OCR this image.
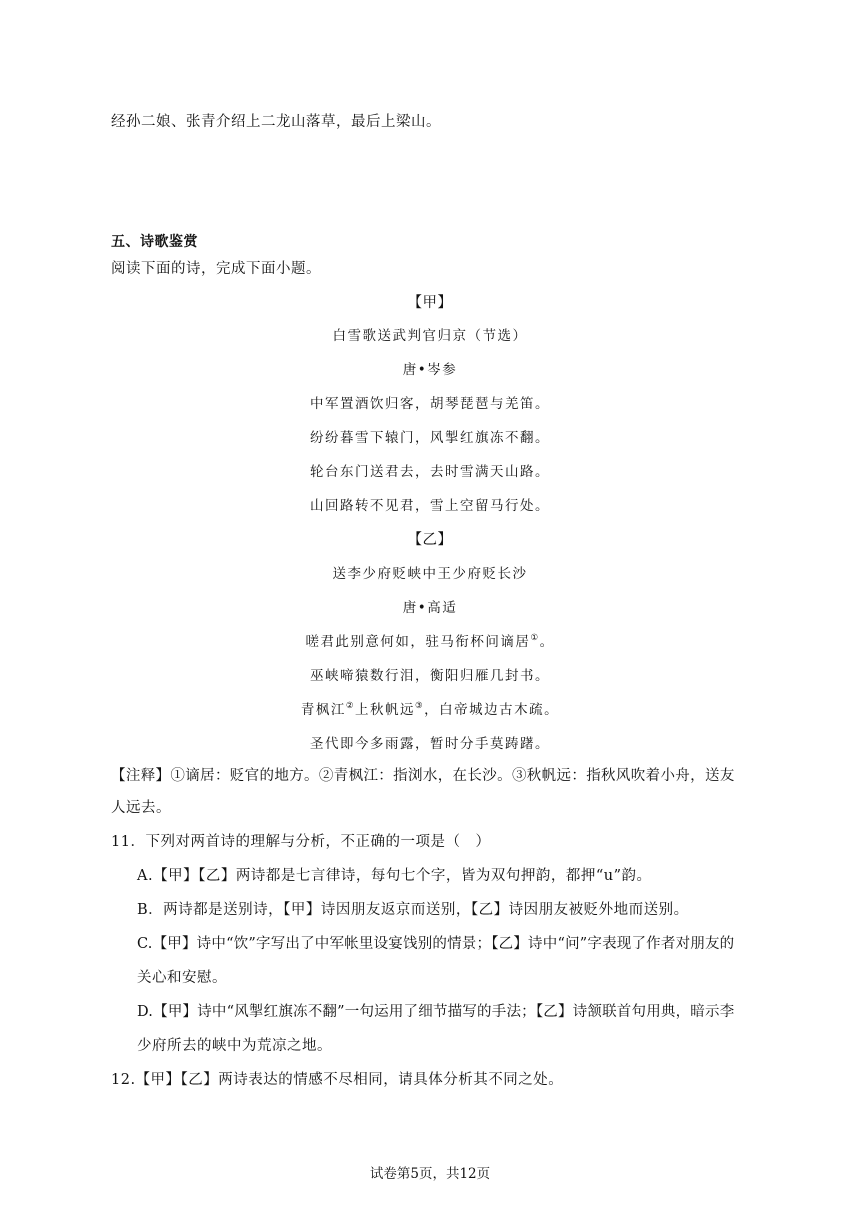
经孙二娘、张青介绍上二龙山落草，最后上梁山。
五、诗歌鉴赏
阅读下面的诗，完成下面小题。
【甲】
白雪歌送武判官归京（节选）
唐•岑参
中军置酒饮归客，胡琴琵琶与羌笛。
纷纷暮雪下辕门，风掣红旗冻不翻。
轮台东门送君去，去时雪满天山路。
山回路转不见君，雪上空留马行处。
【乙】
送李少府贬峡中王少府贬长沙
唐•高适
嗟君此别意何如，驻马衔杯问谪居①。
巫峡啼猿数行泪，衡阳归雁几封书。
青枫江②上秋帆远③，白帝城边古木疏。
圣代即今多雨露，暂时分手莫踌躇。
【注释】①谪居：贬官的地方。②青枫江：指浏水，在长沙。③秋帆远：指秋风吹着小舟，送友
人远去。
11．下列对两首诗的理解与分析，不正确的一项是（　）
A.【甲】【乙】两诗都是七言律诗，每句七个字，皆为双句押韵，都押“u”韵。
B．两诗都是送别诗，【甲】诗因朋友返京而送别，【乙】诗因朋友被贬外地而送别。
C.【甲】诗中“饮”字写出了中军帐里设宴饯别的情景；【乙】诗中“问”字表现了作者对朋友的
关心和安慰。
D.【甲】诗中“风掣红旗冻不翻”一句运用了细节描写的手法；【乙】诗颔联首句用典，暗示李
少府所去的峡中为荒凉之地。
12.【甲】【乙】两诗表达的情感不尽相同，请具体分析其不同之处。
试卷第5页，共12页
